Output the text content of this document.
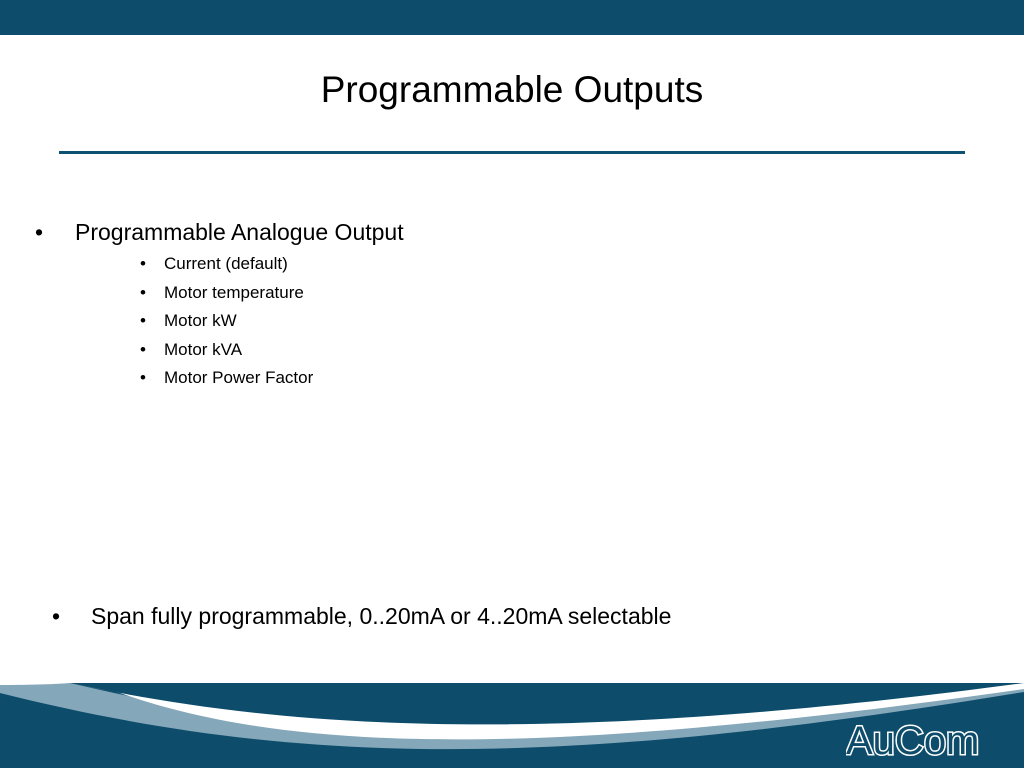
Programmable Outputs
• Programmable Analogue Output
• Current (default)
• Motor temperature
• Motor kW
• Motor kVA
• Motor Power Factor
• Span fully programmable, 0..20mA or 4..20mA selectable
AuCom
